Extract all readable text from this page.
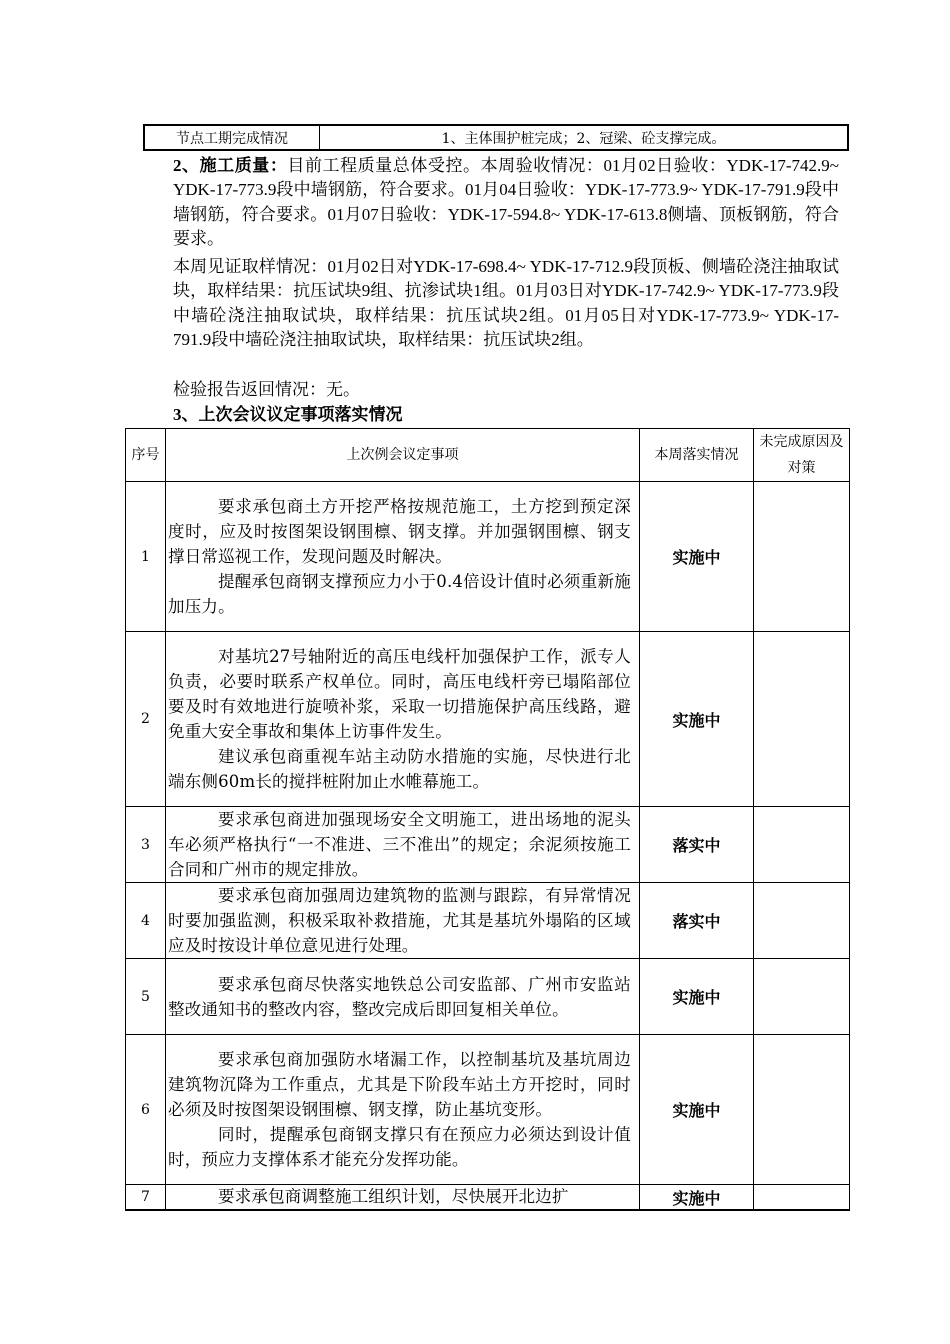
节点工期完成情况	1、主体围护桩完成；2、冠梁、砼支撑完成。
2、施工质量：目前工程质量总体受控。本周验收情况：01月02日验收：YDK-17-742.9~ YDK-17-773.9段中墙钢筋，符合要求。01月04日验收：YDK-17-773.9~ YDK-17-791.9段中墙钢筋，符合要求。01月07日验收：YDK-17-594.8~ YDK-17-613.8侧墙、顶板钢筋，符合要求。
本周见证取样情况：01月02日对YDK-17-698.4~ YDK-17-712.9段顶板、侧墙砼浇注抽取试块，取样结果：抗压试块9组、抗渗试块1组。01月03日对YDK-17-742.9~ YDK-17-773.9段中墙砼浇注抽取试块，取样结果：抗压试块2组。01月05日对YDK-17-773.9~ YDK-17-791.9段中墙砼浇注抽取试块，取样结果：抗压试块2组。
检验报告返回情况：无。
3、上次会议议定事项落实情况
序号	上次例会议定事项	本周落实情况	未完成原因及对策
1	要求承包商土方开挖严格按规范施工，土方挖到预定深度时，应及时按图架设钢围檩、钢支撑。并加强钢围檩、钢支撑日常巡视工作，发现问题及时解决。

提醒承包商钢支撑预应力小于0.4倍设计值时必须重新施加压力。	实施中	
2	对基坑27号轴附近的高压电线杆加强保护工作，派专人负责，必要时联系产权单位。同时，高压电线杆旁已塌陷部位要及时有效地进行旋喷补浆，采取一切措施保护高压线路，避免重大安全事故和集体上访事件发生。

建议承包商重视车站主动防水措施的实施，尽快进行北端东侧60m长的搅拌桩附加止水帷幕施工。	实施中	
3	要求承包商进加强现场安全文明施工，进出场地的泥头车必须严格执行“一不准进、三不准出”的规定；余泥须按施工合同和广州市的规定排放。	落实中	
4	要求承包商加强周边建筑物的监测与跟踪，有异常情况时要加强监测，积极采取补救措施，尤其是基坑外塌陷的区域应及时按设计单位意见进行处理。	落实中	
5	要求承包商尽快落实地铁总公司安监部、广州市安监站整改通知书的整改内容，整改完成后即回复相关单位。	实施中	
6	要求承包商加强防水堵漏工作，以控制基坑及基坑周边建筑物沉降为工作重点，尤其是下阶段车站土方开挖时，同时必须及时按图架设钢围檩、钢支撑，防止基坑变形。

同时，提醒承包商钢支撑只有在预应力必须达到设计值时，预应力支撑体系才能充分发挥功能。	实施中	
7	要求承包商调整施工组织计划，尽快展开北边扩	实施中	
